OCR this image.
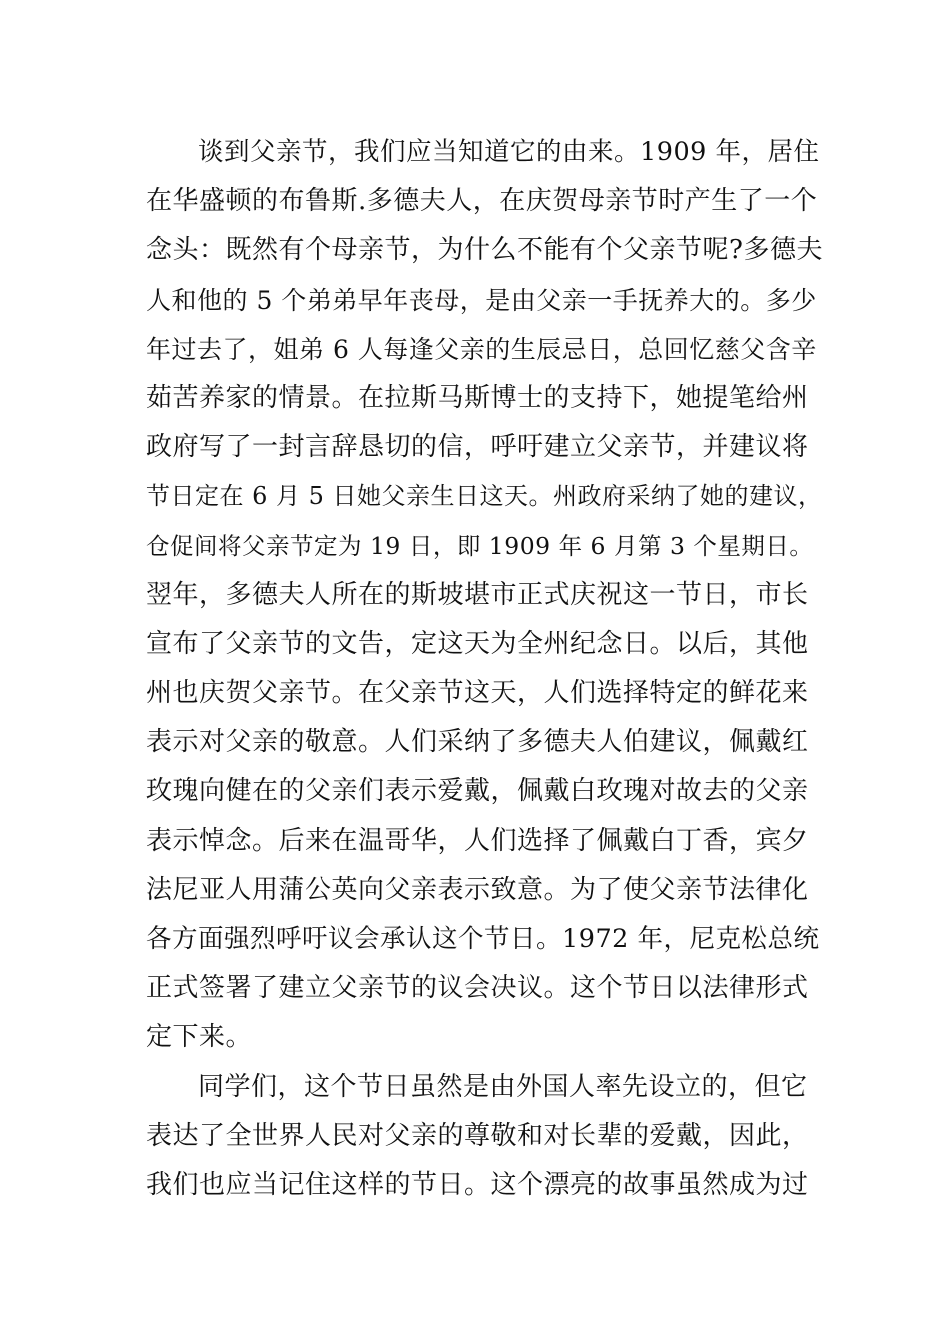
谈到父亲节，我们应当知道它的由来。1909 年，居住
在华盛顿的布鲁斯.多德夫人，在庆贺母亲节时产生了一个
念头：既然有个母亲节，为什么不能有个父亲节呢?多德夫
人和他的 5 个弟弟早年丧母，是由父亲一手抚养大的。多少
年过去了，姐弟 6 人每逢父亲的生辰忌日，总回忆慈父含辛
茹苦养家的情景。在拉斯马斯博士的支持下，她提笔给州
政府写了一封言辞恳切的信，呼吁建立父亲节，并建议将
节日定在 6 月 5 日她父亲生日这天。州政府采纳了她的建议，
仓促间将父亲节定为 19 日，即 1909 年 6 月第 3 个星期日。
翌年，多德夫人所在的斯坡堪市正式庆祝这一节日，市长
宣布了父亲节的文告，定这天为全州纪念日。以后，其他
州也庆贺父亲节。在父亲节这天，人们选择特定的鲜花来
表示对父亲的敬意。人们采纳了多德夫人伯建议，佩戴红
玫瑰向健在的父亲们表示爱戴，佩戴白玫瑰对故去的父亲
表示悼念。后来在温哥华，人们选择了佩戴白丁香，宾夕
法尼亚人用蒲公英向父亲表示致意。为了使父亲节法律化
各方面强烈呼吁议会承认这个节日。1972 年，尼克松总统
正式签署了建立父亲节的议会决议。这个节日以法律形式
定下来。
同学们，这个节日虽然是由外国人率先设立的，但它
表达了全世界人民对父亲的尊敬和对长辈的爱戴，因此，
我们也应当记住这样的节日。这个漂亮的故事虽然成为过
